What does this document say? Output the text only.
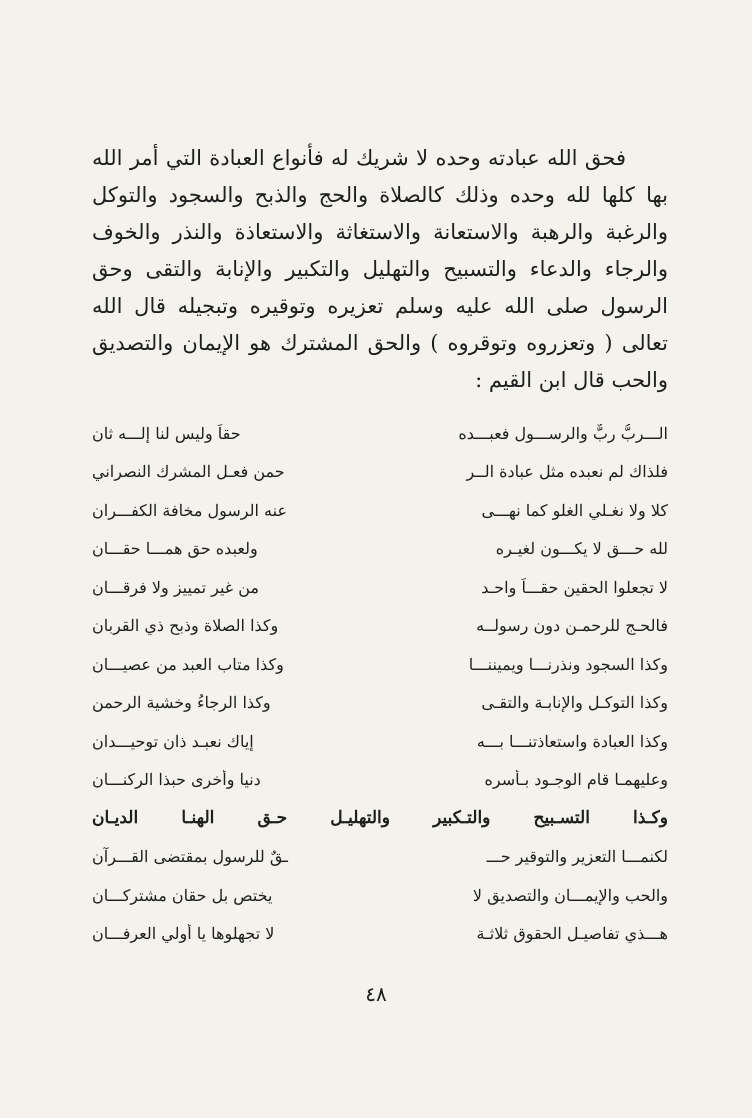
فحق الله عبادته وحده لا شريك له فأنواع العبادة التي أمر الله بها كلها لله وحده وذلك كالصلاة والحج والذبح والسجود والتوكل والرغبة والرهبة والاستعانة والاستغاثة والاستعاذة والنذر والخوف والرجاء والدعاء والتسبيح والتهليل والتكبير والإنابة والتقى وحق الرسول صلى الله عليه وسلم تعزيره وتوقيره وتبجيله قال الله تعالى ( وتعزروه وتوقروه ) والحق المشترك هو الإيمان والتصديق والحب قال ابن القيم :

الـــربُّ ربٌّ والرســـول فعبـــده
حقاً وليس لنا إلـــه ثان
فلذاك لم نعبده مثل عبادة الــر
حمن فعـل المشرك النصراني
كلا ولا نغـلي الغلو كما نهـــى
عنه الرسول مخافة الكفـــران
لله حـــق لا يكـــون لغيـره
ولعبده حق همـــا حقـــان
لا تجعلوا الحقين حقـــاً واحـد
من غير تمييز ولا فرقـــان
فالحـج للرحمـن دون رسولــه
وكذا الصلاة وذبح ذي القربان
وكذا السجود ونذرنـــا ويميننـــا
وكذا متاب العبد من عصيـــان
وكذا التوكـل والإنابـة والتقـى
وكذا الرجاءُ وخشية الرحمن
وكذا العبادة واستعاذتنـــا بـــه
إياك نعبـد ذان توحيـــدان
وعليهمـا قام الوجـود بـأسره
دنيا وأخرى حبذا الركنـــان
وكـذا التسـبيح والتـكبير والتهليـل حـق الهنـا الديـان
لكنمـــا التعزير والتوقير حـــ
ـقٌ للرسول بمقتضى القـــرآن
والحب والإيمـــان والتصديق لا
يختص بل حقان مشتركـــان
هـــذي تفاصيـل الحقوق ثلاثـة
لا تجهلوها يا أولي العرفـــان
٤٨
